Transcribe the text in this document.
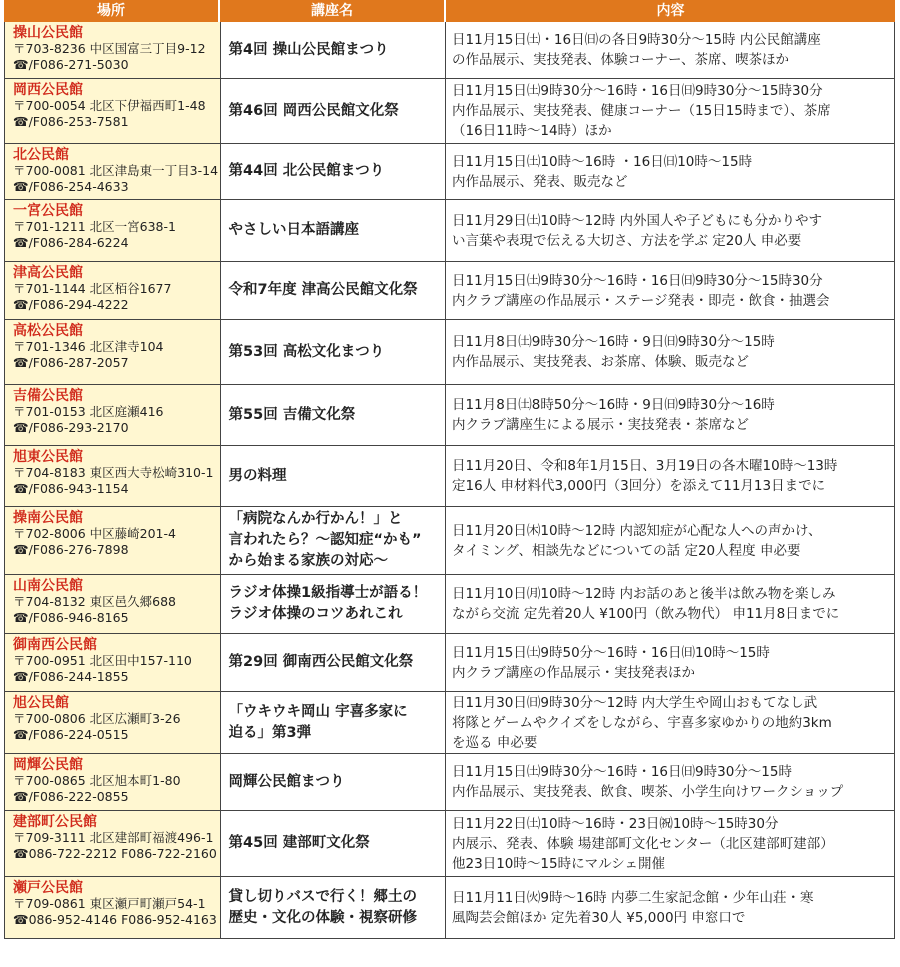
場所	講座名	内容
操山公民館
〒703-8236 中区国富三丁目9-12
☎/F086-271-5030
第4回 操山公民館まつり
日11月15日㈯・16日㈰の各日9時30分～15時 内公民館講座
の作品展示、実技発表、体験コーナー、茶席、喫茶ほか
岡西公民館
〒700-0054 北区下伊福西町1-48
☎/F086-253-7581
第46回 岡西公民館文化祭
日11月15日㈯9時30分～16時・16日㈰9時30分～15時30分
内作品展示、実技発表、健康コーナー（15日15時まで）、茶席
（16日11時～14時）ほか
北公民館
〒700-0081 北区津島東一丁目3-14
☎/F086-254-4633
第44回 北公民館まつり
日11月15日㈯10時～16時 ・16日㈰10時～15時
内作品展示、発表、販売など
一宮公民館
〒701-1211 北区一宮638-1
☎/F086-284-6224
やさしい日本語講座
日11月29日㈯10時～12時 内外国人や子どもにも分かりやす
い言葉や表現で伝える大切さ、方法を学ぶ 定20人 申必要
津高公民館
〒701-1144 北区栢谷1677
☎/F086-294-4222
令和7年度 津高公民館文化祭
日11月15日㈯9時30分～16時・16日㈰9時30分～15時30分
内クラブ講座の作品展示・ステージ発表・即売・飲食・抽選会
高松公民館
〒701-1346 北区津寺104
☎/F086-287-2057
第53回 高松文化まつり
日11月8日㈯9時30分～16時・9日㈰9時30分～15時
内作品展示、実技発表、お茶席、体験、販売など
吉備公民館
〒701-0153 北区庭瀬416
☎/F086-293-2170
第55回 吉備文化祭
日11月8日㈯8時50分～16時・9日㈰9時30分～16時
内クラブ講座生による展示・実技発表・茶席など
旭東公民館
〒704-8183 東区西大寺松崎310-1
☎/F086-943-1154
男の料理
日11月20日、令和8年1月15日、3月19日の各木曜10時～13時
定16人 申材料代3,000円（3回分）を添えて11月13日までに
操南公民館
〒702-8006 中区藤崎201-4
☎/F086-276-7898
「病院なんか行かん！」と
言われたら？～認知症“かも”
から始まる家族の対応～
日11月20日㈭10時～12時 内認知症が心配な人への声かけ、
タイミング、相談先などについての話 定20人程度 申必要
山南公民館
〒704-8132 東区邑久郷688
☎/F086-946-8165
ラジオ体操1級指導士が語る！
ラジオ体操のコツあれこれ
日11月10日㈪10時～12時 内お話のあと後半は飲み物を楽しみ
ながら交流 定先着20人 ¥100円（飲み物代） 申11月8日までに
御南西公民館
〒700-0951 北区田中157-110
☎/F086-244-1855
第29回 御南西公民館文化祭
日11月15日㈯9時50分～16時・16日㈰10時～15時
内クラブ講座の作品展示・実技発表ほか
旭公民館
〒700-0806 北区広瀬町3-26
☎/F086-224-0515
「ウキウキ岡山 宇喜多家に
迫る」第3弾
日11月30日㈰9時30分～12時 内大学生や岡山おもてなし武
将隊とゲームやクイズをしながら、宇喜多家ゆかりの地約3km
を巡る 申必要
岡輝公民館
〒700-0865 北区旭本町1-80
☎/F086-222-0855
岡輝公民館まつり
日11月15日㈯9時30分～16時・16日㈰9時30分～15時
内作品展示、実技発表、飲食、喫茶、小学生向けワークショップ
建部町公民館
〒709-3111 北区建部町福渡496-1
☎086-722-2212 F086-722-2160
第45回 建部町文化祭
日11月22日㈯10時～16時・23日㈷10時～15時30分
内展示、発表、体験 場建部町文化センター（北区建部町建部）
他23日10時～15時にマルシェ開催
瀬戸公民館
〒709-0861 東区瀬戸町瀬戸54-1
☎086-952-4146 F086-952-4163
貸し切りバスで行く！郷土の
歴史・文化の体験・視察研修
日11月11日㈫9時～16時 内夢二生家記念館・少年山荘・寒
風陶芸会館ほか 定先着30人 ¥5,000円 申窓口で
